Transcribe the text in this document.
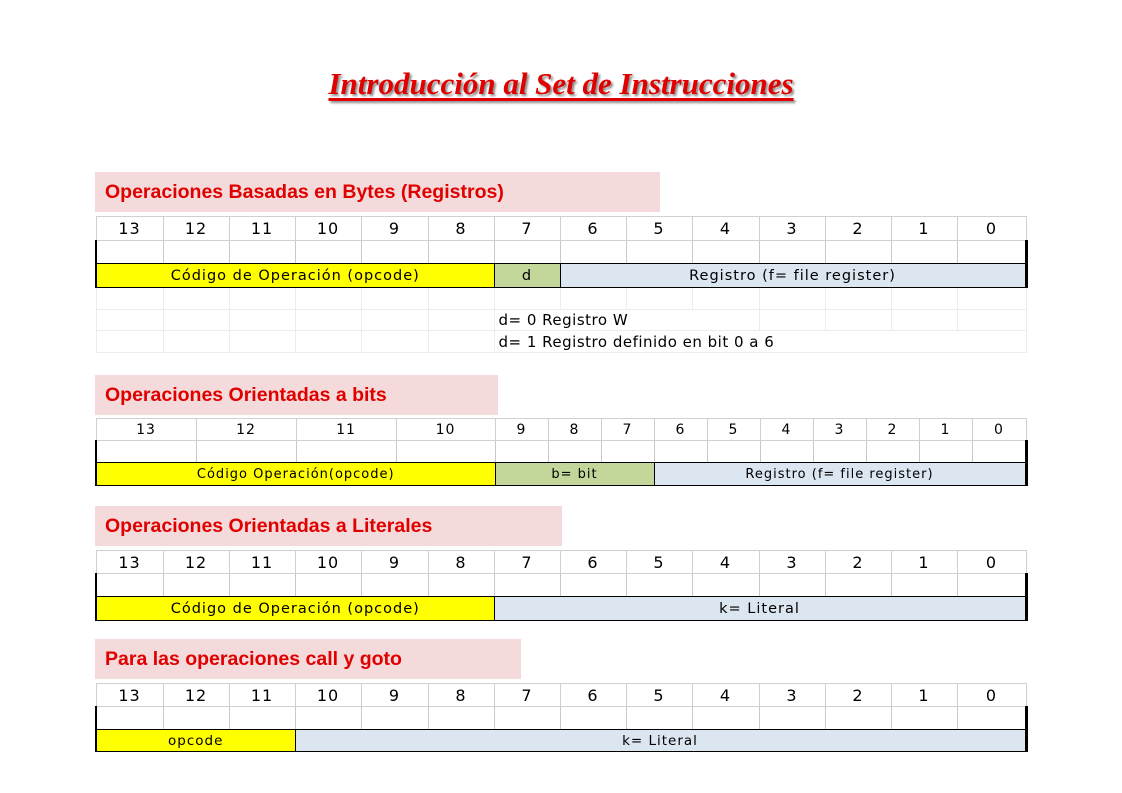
Introducción al Set de Instrucciones
Operaciones Basadas en Bytes (Registros)
13	12	11	10	9	8	7	6	5	4	3	2	1	0

Código de Operación (opcode)						d	Registro (f= file register)						

						d= 0 Registro W							
						d= 1 Registro definido en bit 0 a 6							
Operaciones Orientadas a bits
13	12	11	10	9	8	7	6	5	4	3	2	1	0

Código Operación(opcode)				b= bit			Registro (f= file register)						
Operaciones Orientadas a Literales
13	12	11	10	9	8	7	6	5	4	3	2	1	0

Código de Operación (opcode)						k= Literal							
Para las operaciones call y goto
13	12	11	10	9	8	7	6	5	4	3	2	1	0

opcode			k= Literal										
